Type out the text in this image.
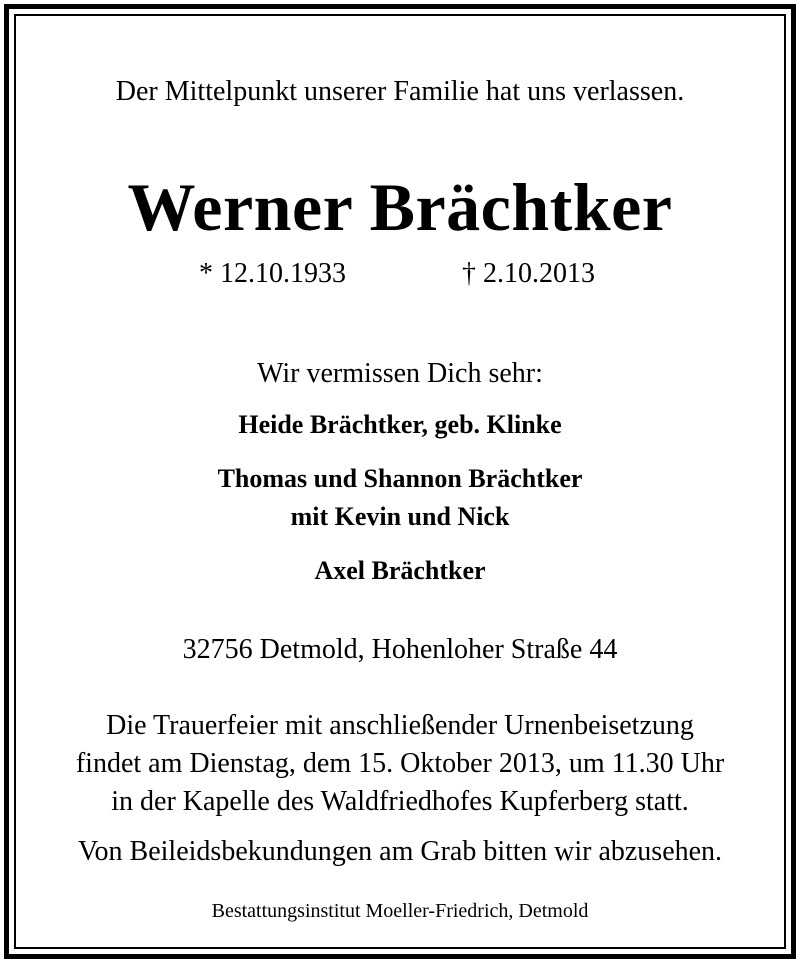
Der Mittelpunkt unserer Familie hat uns verlassen.
Werner Brächtker
* 12.10.1933	† 2.10.2013
Wir vermissen Dich sehr:
Heide Brächtker, geb. Klinke
Thomas und Shannon Brächtker
mit Kevin und Nick
Axel Brächtker
32756 Detmold, Hohenloher Straße 44
Die Trauerfeier mit anschließender Urnenbeisetzung
findet am Dienstag, dem 15. Oktober 2013, um 11.30 Uhr
in der Kapelle des Waldfriedhofes Kupferberg statt.
Von Beileidsbekundungen am Grab bitten wir abzusehen.
Bestattungsinstitut Moeller-Friedrich, Detmold
